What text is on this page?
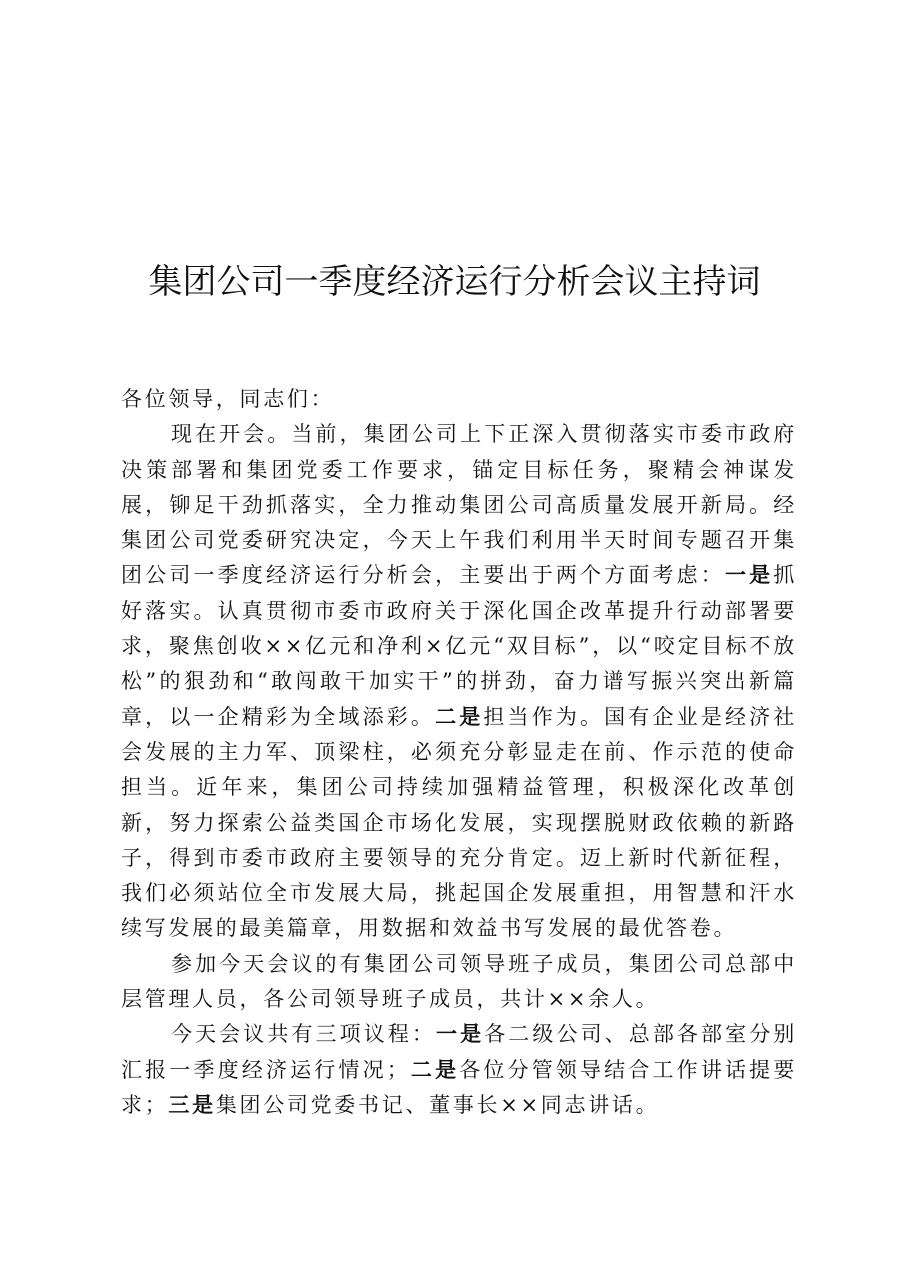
集团公司一季度经济运行分析会议主持词

各位领导，同志们：

现在开会。当前，集团公司上下正深入贯彻落实市委市政府决策部署和集团党委工作要求，锚定目标任务，聚精会神谋发展，铆足干劲抓落实，全力推动集团公司高质量发展开新局。经集团公司党委研究决定，今天上午我们利用半天时间专题召开集团公司一季度经济运行分析会，主要出于两个方面考虑：一是抓好落实。认真贯彻市委市政府关于深化国企改革提升行动部署要求，聚焦创收××亿元和净利×亿元“双目标”，以“咬定目标不放松”的狠劲和“敢闯敢干加实干”的拼劲，奋力谱写振兴突出新篇章，以一企精彩为全域添彩。二是担当作为。国有企业是经济社会发展的主力军、顶梁柱，必须充分彰显走在前、作示范的使命担当。近年来，集团公司持续加强精益管理，积极深化改革创新，努力探索公益类国企市场化发展，实现摆脱财政依赖的新路子，得到市委市政府主要领导的充分肯定。迈上新时代新征程，我们必须站位全市发展大局，挑起国企发展重担，用智慧和汗水续写发展的最美篇章，用数据和效益书写发展的最优答卷。

参加今天会议的有集团公司领导班子成员，集团公司总部中层管理人员，各公司领导班子成员，共计××余人。

今天会议共有三项议程：一是各二级公司、总部各部室分别汇报一季度经济运行情况；二是各位分管领导结合工作讲话提要求；三是集团公司党委书记、董事长××同志讲话。
